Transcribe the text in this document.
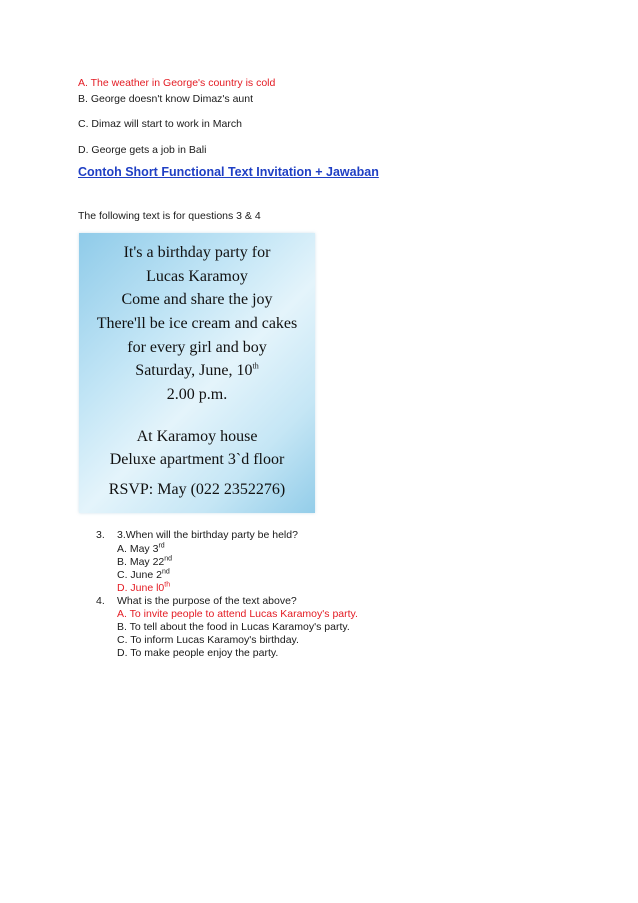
A. The weather in George's country is cold
B. George doesn't know Dimaz's aunt
C. Dimaz will start to work in March
D. George gets a job in Bali
Contoh Short Functional Text Invitation + Jawaban
The following text is for questions 3 & 4
It's a birthday party for
Lucas Karamoy
Come and share the joy
There'll be ice cream and cakes
for every girl and boy
Saturday, June, 10th
2.00 p.m.
At Karamoy house
Deluxe apartment 3`d floor
RSVP: May (022 2352276)
3. 3.When will the birthday party be held?
A. May 3rd
B. May 22nd
C. June 2nd
D. June l0th
4. What is the purpose of the text above?
A. To invite people to attend Lucas Karamoy's party.
B. To tell about the food in Lucas Karamoy's party.
C. To inform Lucas Karamoy's birthday.
D. To make people enjoy the party.
